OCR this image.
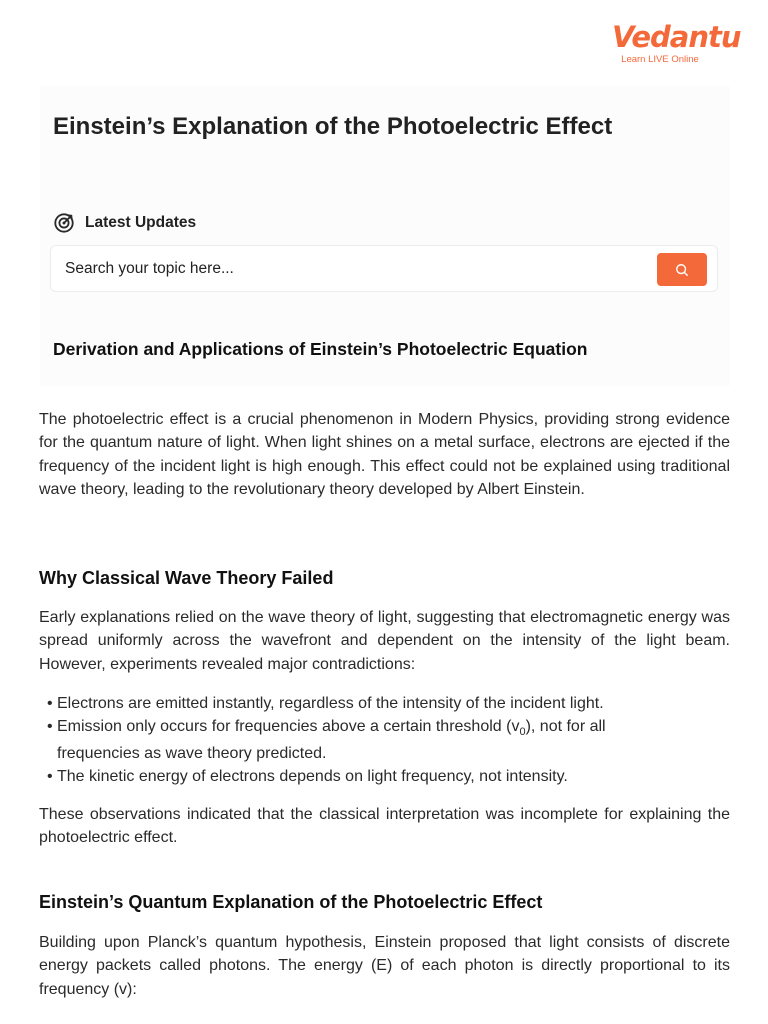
Vedantu
Learn LIVE Online
Einstein’s Explanation of the Photoelectric Effect
Latest Updates
Search your topic here...
Derivation and Applications of Einstein’s Photoelectric Equation

The photoelectric effect is a crucial phenomenon in Modern Physics, providing strong evidence for the quantum nature of light. When light shines on a metal surface, electrons are ejected if the frequency of the incident light is high enough. This effect could not be explained using traditional wave theory, leading to the revolutionary theory developed by Albert Einstein.

Why Classical Wave Theory Failed

Early explanations relied on the wave theory of light, suggesting that electromagnetic energy was spread uniformly across the wavefront and dependent on the intensity of the light beam. However, experiments revealed major contradictions:

• Electrons are emitted instantly, regardless of the intensity of the incident light.
• Emission only occurs for frequencies above a certain threshold $(v_0)$, not for all
frequencies as wave theory predicted.
• The kinetic energy of electrons depends on light frequency, not intensity.

These observations indicated that the classical interpretation was incomplete for explaining the photoelectric effect.

Einstein’s Quantum Explanation of the Photoelectric Effect

Building upon Planck’s quantum hypothesis, Einstein proposed that light consists of discrete energy packets called photons. The energy (E) of each photon is directly proportional to its frequency (v):
